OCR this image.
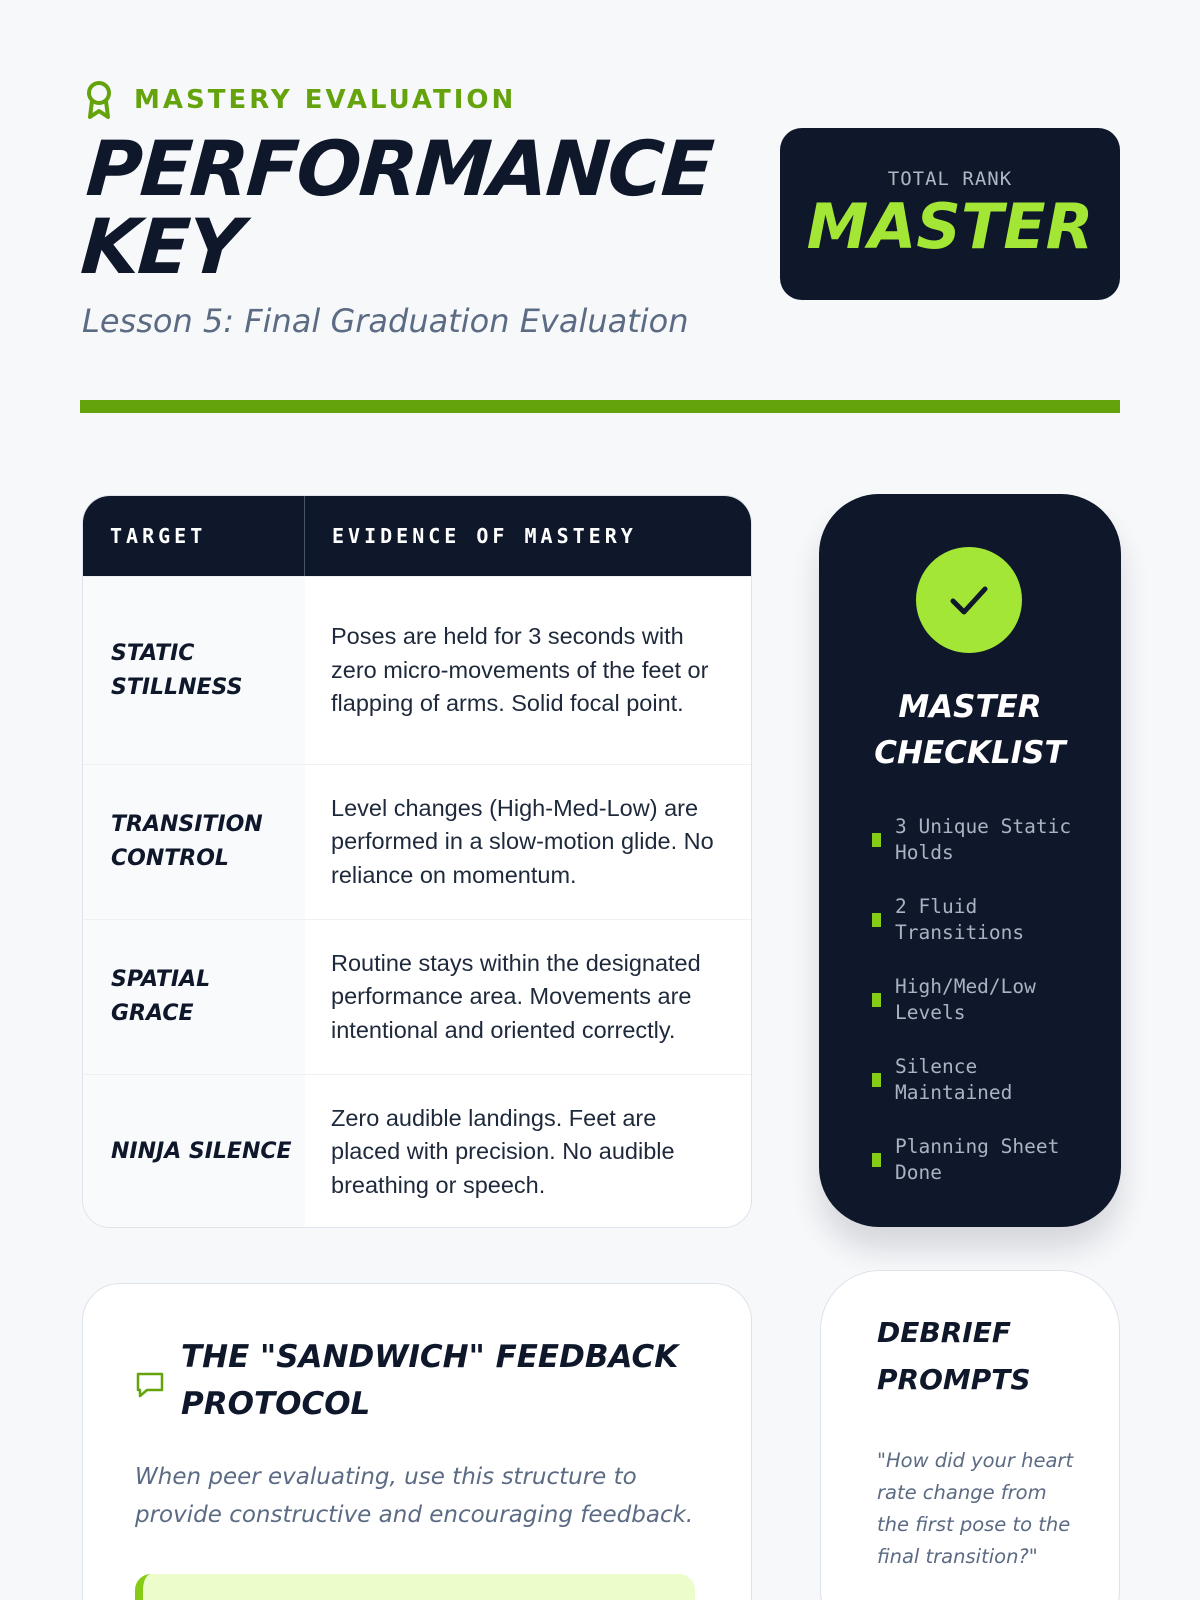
MASTERY EVALUATION
PERFORMANCE KEY
Lesson 5: Final Graduation Evaluation
TOTAL RANK
MASTER
TARGET	EVIDENCE OF MASTERY
STATIC STILLNESS
Poses are held for 3 seconds with zero micro-movements of the feet or flapping of arms. Solid focal point.
TRANSITION CONTROL
Level changes (High-Med-Low) are performed in a slow-motion glide. No reliance on momentum.
SPATIAL GRACE
Routine stays within the designated performance area. Movements are intentional and oriented correctly.
NINJA SILENCE
Zero audible landings. Feet are placed with precision. No audible breathing or speech.
MASTER CHECKLIST
3 Unique Static Holds
2 Fluid Transitions
High/Med/Low Levels
Silence Maintained
Planning Sheet Done
THE "SANDWICH" FEEDBACK PROTOCOL
When peer evaluating, use this structure to provide constructive and encouraging feedback.
DEBRIEF PROMPTS
"How did your heart rate change from the first pose to the final transition?"
